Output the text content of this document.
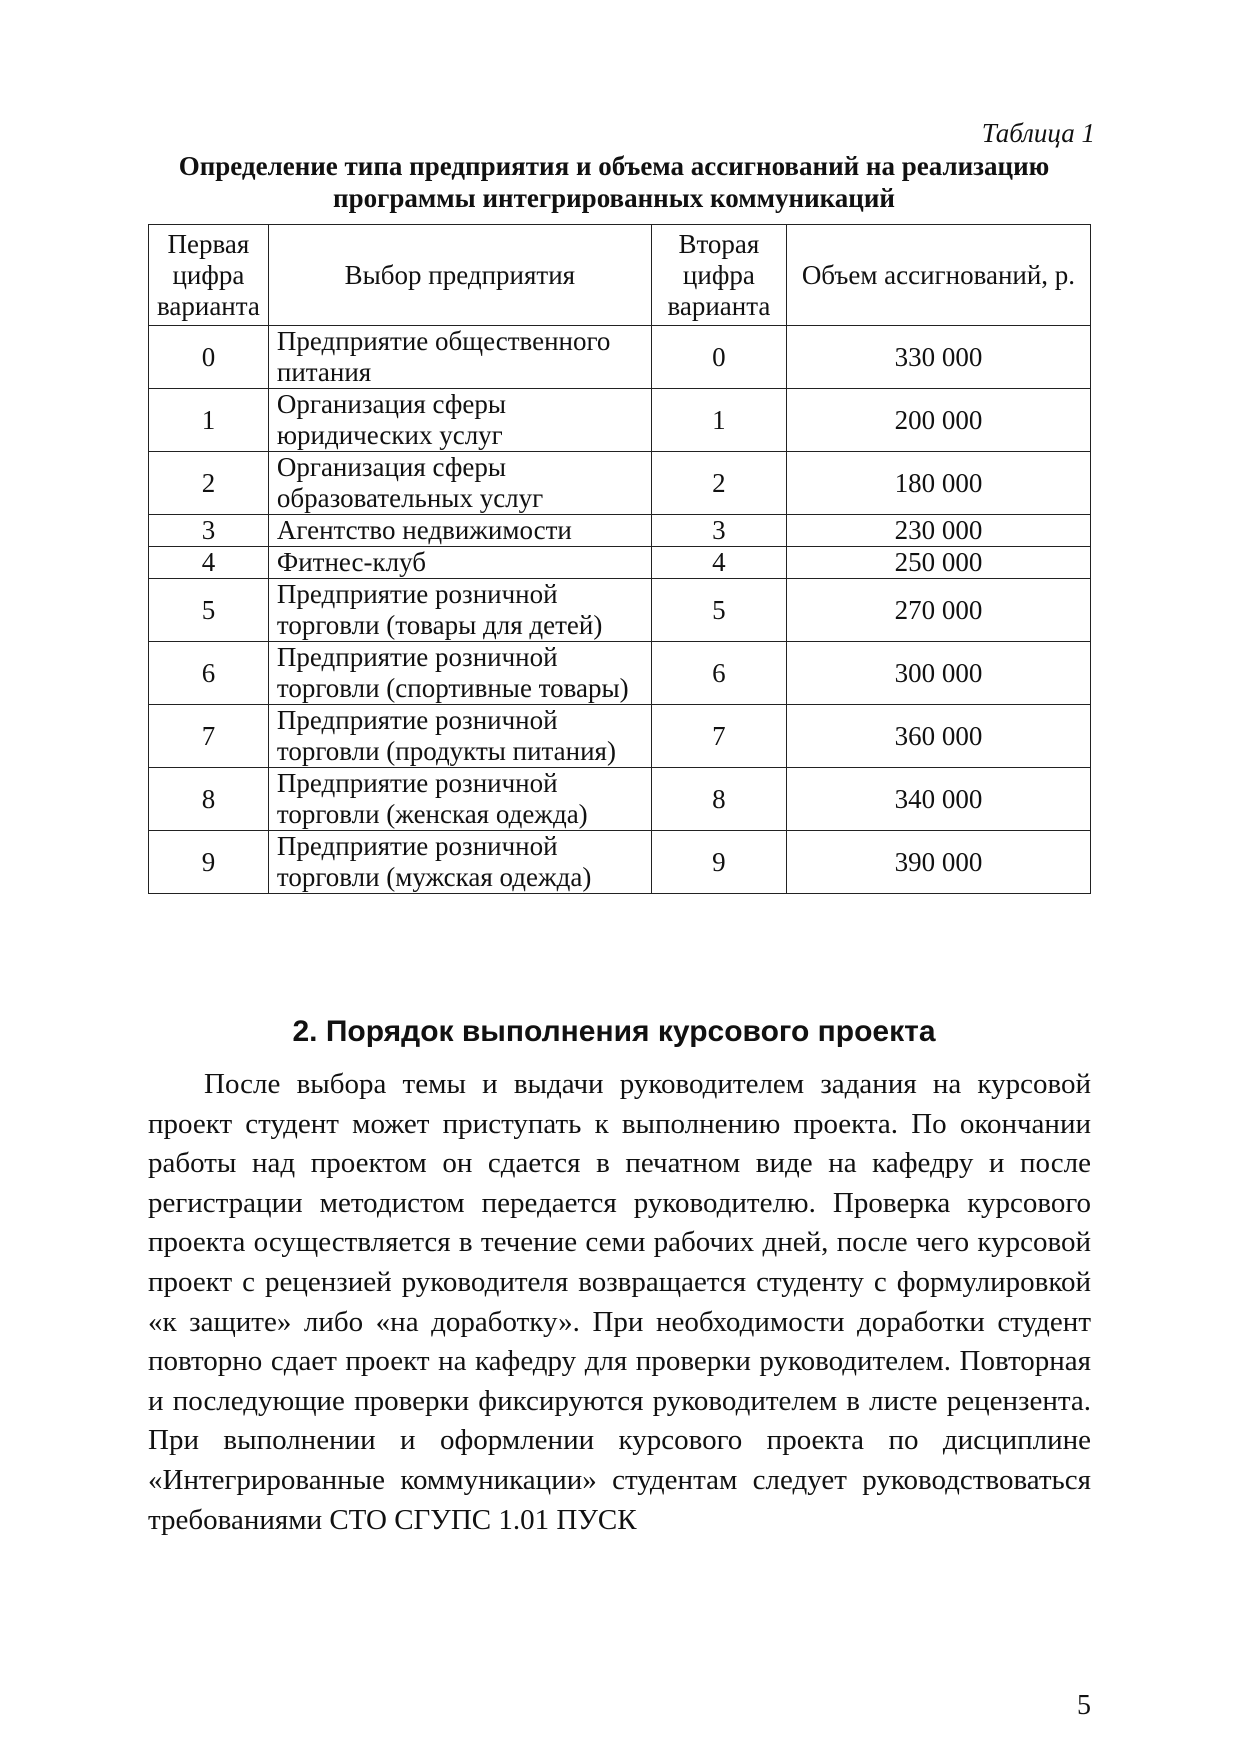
Таблица 1
Определение типа предприятия и объема ассигнований на реализацию программы интегрированных коммуникаций
Первая цифра варианта	Выбор предприятия	Вторая цифра варианта	Объем ассигнований, р.
0	Предприятие общественного питания	0	330 000
1	Организация сферы юридических услуг	1	200 000
2	Организация сферы образовательных услуг	2	180 000
3	Агентство недвижимости	3	230 000
4	Фитнес-клуб	4	250 000
5	Предприятие розничной торговли (товары для детей)	5	270 000
6	Предприятие розничной торговли (спортивные товары)	6	300 000
7	Предприятие розничной торговли (продукты питания)	7	360 000
8	Предприятие розничной торговли (женская одежда)	8	340 000
9	Предприятие розничной торговли (мужская одежда)	9	390 000
2. Порядок выполнения курсового проекта
После выбора темы и выдачи руководителем задания на курсовой проект студент может приступать к выполнению проекта. По окончании работы над проектом он сдается в печатном виде на кафедру и после регистрации методистом передается руководителю. Проверка курсового проекта осуществляется в течение семи рабочих дней, после чего курсовой проект с рецензией руководителя возвращается студенту с формулировкой «к защите» либо «на доработку». При необходимости доработки студент повторно сдает проект на кафедру для проверки руководителем. Повторная и последующие проверки фиксируются руководителем в листе рецензента. При выполнении и оформлении курсового проекта по дисциплине «Интегрированные коммуникации» студентам следует руководствоваться требованиями СТО СГУПС 1.01 ПУСК
5
